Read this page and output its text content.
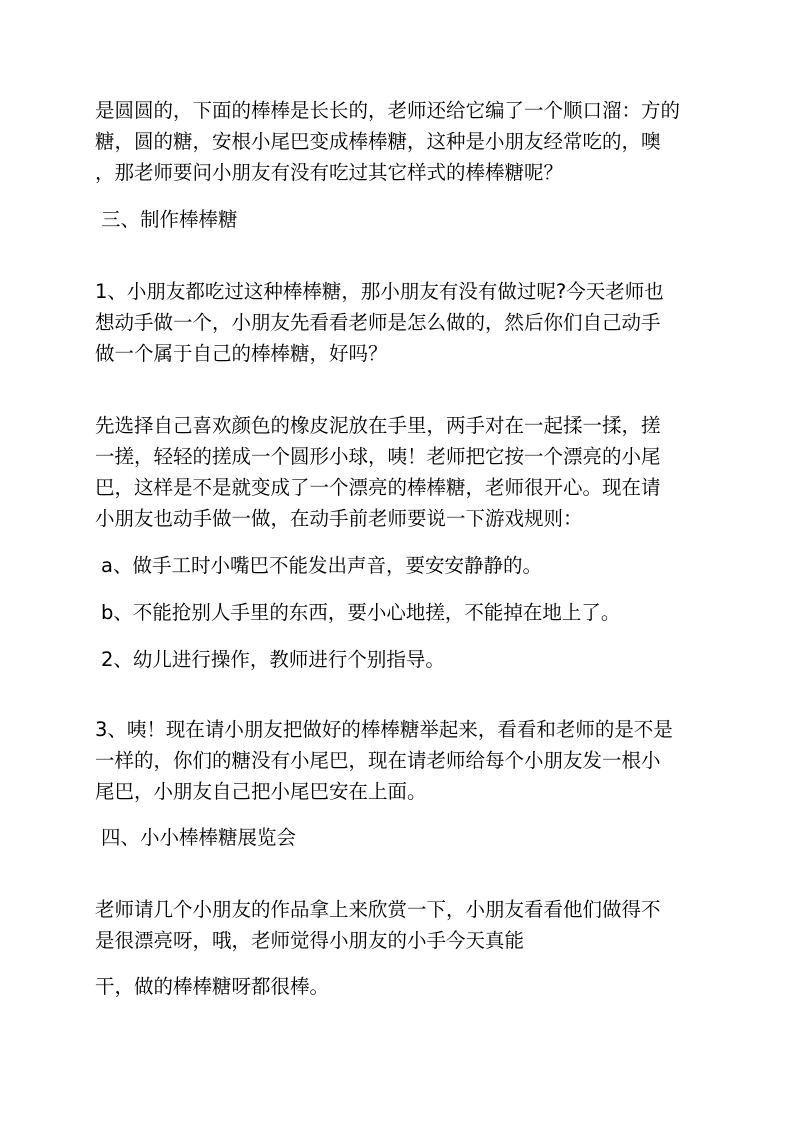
是圆圆的，下面的棒棒是长长的，老师还给它编了一个顺口溜：方的
糖，圆的糖，安根小尾巴变成棒棒糖，这种是小朋友经常吃的，噢
，那老师要问小朋友有没有吃过其它样式的棒棒糖呢？
三、制作棒棒糖
1、小朋友都吃过这种棒棒糖，那小朋友有没有做过呢?今天老师也
想动手做一个，小朋友先看看老师是怎么做的，然后你们自己动手
做一个属于自己的棒棒糖，好吗？
先选择自己喜欢颜色的橡皮泥放在手里，两手对在一起揉一揉，搓
一搓，轻轻的搓成一个圆形小球，咦！老师把它按一个漂亮的小尾
巴，这样是不是就变成了一个漂亮的棒棒糖，老师很开心。现在请
小朋友也动手做一做，在动手前老师要说一下游戏规则：
a、做手工时小嘴巴不能发出声音，要安安静静的。
b、不能抢别人手里的东西，要小心地搓，不能掉在地上了。
2、幼儿进行操作，教师进行个别指导。
3、咦！现在请小朋友把做好的棒棒糖举起来，看看和老师的是不是
一样的，你们的糖没有小尾巴，现在请老师给每个小朋友发一根小
尾巴，小朋友自己把小尾巴安在上面。
四、小小棒棒糖展览会
老师请几个小朋友的作品拿上来欣赏一下，小朋友看看他们做得不
是很漂亮呀，哦，老师觉得小朋友的小手今天真能
干，做的棒棒糖呀都很棒。
